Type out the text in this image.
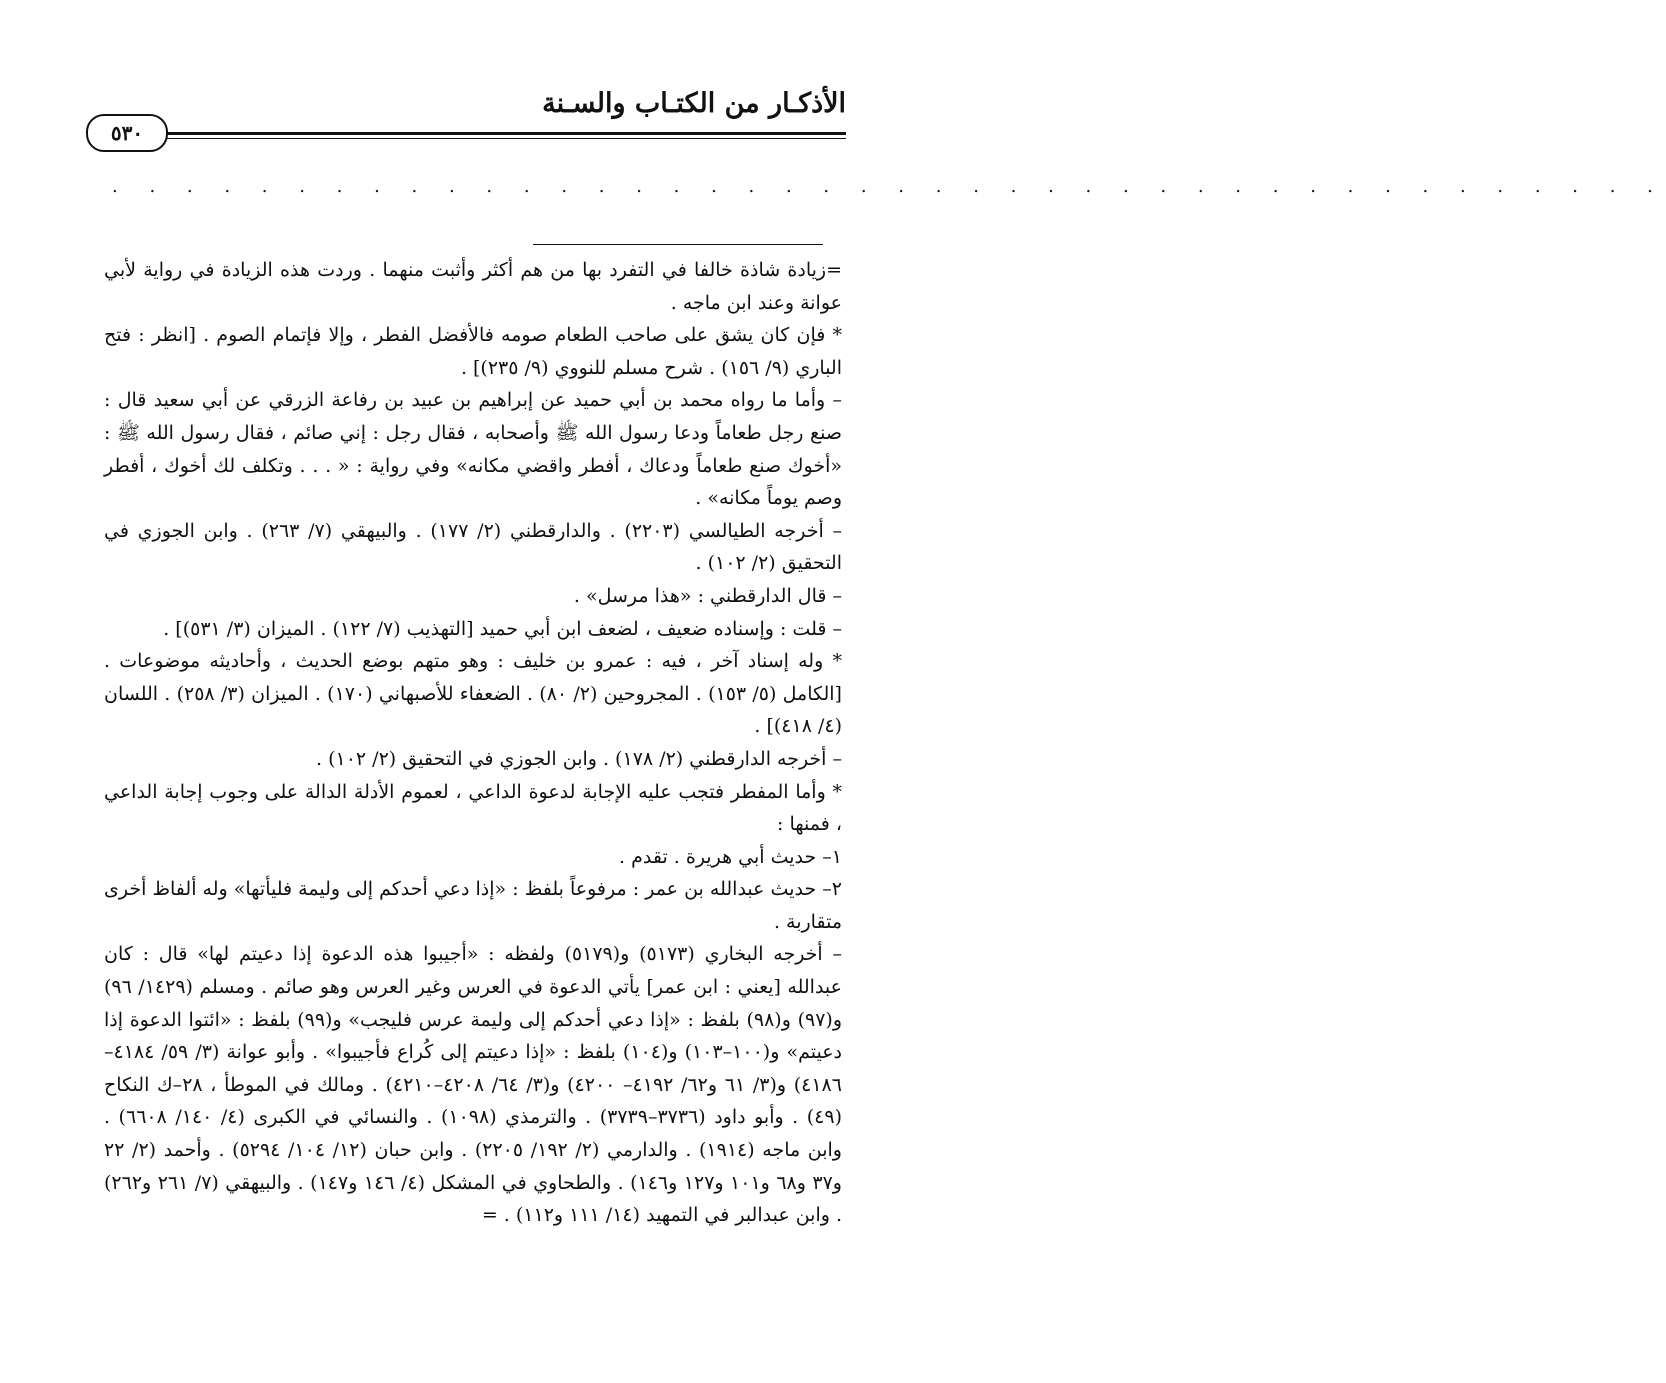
الأذكـار من الكتـاب والسـنة
٥٣٠
. . . . . . . . . . . . . . . . . . . . . . . . . . . . . . . . . . . . . . . . . .

=زيادة شاذة خالفا في التفرد بها من هم أكثر وأثبت منهما . وردت هذه الزيادة في رواية لأبي عوانة وعند ابن ماجه .

* فإن كان يشق على صاحب الطعام صومه فالأفضل الفطر ، وإلا فإتمام الصوم . [انظر : فتح الباري (٩/ ١٥٦) . شرح مسلم للنووي (٩/ ٢٣٥)] .

– وأما ما رواه محمد بن أبي حميد عن إبراهيم بن عبيد بن رفاعة الزرقي عن أبي سعيد قال : صنع رجل طعاماً ودعا رسول الله ﷺ وأصحابه ، فقال رجل : إني صائم ، فقال رسول الله ﷺ : «أخوك صنع طعاماً ودعاك ، أفطر واقضي مكانه» وفي رواية : « . . . وتكلف لك أخوك ، أفطر وصم يوماً مكانه» .

– أخرجه الطيالسي (٢٢٠٣) . والدارقطني (٢/ ١٧٧) . والبيهقي (٧/ ٢٦٣) . وابن الجوزي في التحقيق (٢/ ١٠٢) .

– قال الدارقطني : «هذا مرسل» .

– قلت : وإسناده ضعيف ، لضعف ابن أبي حميد [التهذيب (٧/ ١٢٢) . الميزان (٣/ ٥٣١)] .

* وله إسناد آخر ، فيه : عمرو بن خليف : وهو متهم بوضع الحديث ، وأحاديثه موضوعات . [الكامل (٥/ ١٥٣) . المجروحين (٢/ ٨٠) . الضعفاء للأصبهاني (١٧٠) . الميزان (٣/ ٢٥٨) . اللسان (٤/ ٤١٨)] .

– أخرجه الدارقطني (٢/ ١٧٨) . وابن الجوزي في التحقيق (٢/ ١٠٢) .

* وأما المفطر فتجب عليه الإجابة لدعوة الداعي ، لعموم الأدلة الدالة على وجوب إجابة الداعي ، فمنها :

١– حديث أبي هريرة . تقدم .

٢– حديث عبدالله بن عمر : مرفوعاً بلفظ : «إذا دعي أحدكم إلى وليمة فليأتها» وله ألفاظ أخرى متقاربة .

– أخرجه البخاري (٥١٧٣) و(٥١٧٩) ولفظه : «أجيبوا هذه الدعوة إذا دعيتم لها» قال : كان عبدالله [يعني : ابن عمر] يأتي الدعوة في العرس وغير العرس وهو صائم . ومسلم (١٤٢٩/ ٩٦) و(٩٧) و(٩٨) بلفظ : «إذا دعي أحدكم إلى وليمة عرس فليجب» و(٩٩) بلفظ : «ائتوا الدعوة إذا دعيتم» و(١٠٠–١٠٣) و(١٠٤) بلفظ : «إذا دعيتم إلى كُراع فأجيبوا» . وأبو عوانة (٣/ ٥٩/ ٤١٨٤–٤١٨٦) و(٣/ ٦١ و٦٢/ ٤١٩٢– ٤٢٠٠) و(٣/ ٦٤/ ٤٢٠٨–٤٢١٠) . ومالك في الموطأ ، ٢٨–ك النكاح (٤٩) . وأبو داود (٣٧٣٦–٣٧٣٩) . والترمذي (١٠٩٨) . والنسائي في الكبرى (٤/ ١٤٠/ ٦٦٠٨) . وابن ماجه (١٩١٤) . والدارمي (٢/ ١٩٢/ ٢٢٠٥) . وابن حبان (١٢/ ١٠٤/ ٥٢٩٤) . وأحمد (٢/ ٢٢ و٣٧ و٦٨ و١٠١ و١٢٧ و١٤٦) . والطحاوي في المشكل (٤/ ١٤٦ و١٤٧) . والبيهقي (٧/ ٢٦١ و٢٦٢) . وابن عبدالبر في التمهيد (١٤/ ١١١ و١١٢) . =
